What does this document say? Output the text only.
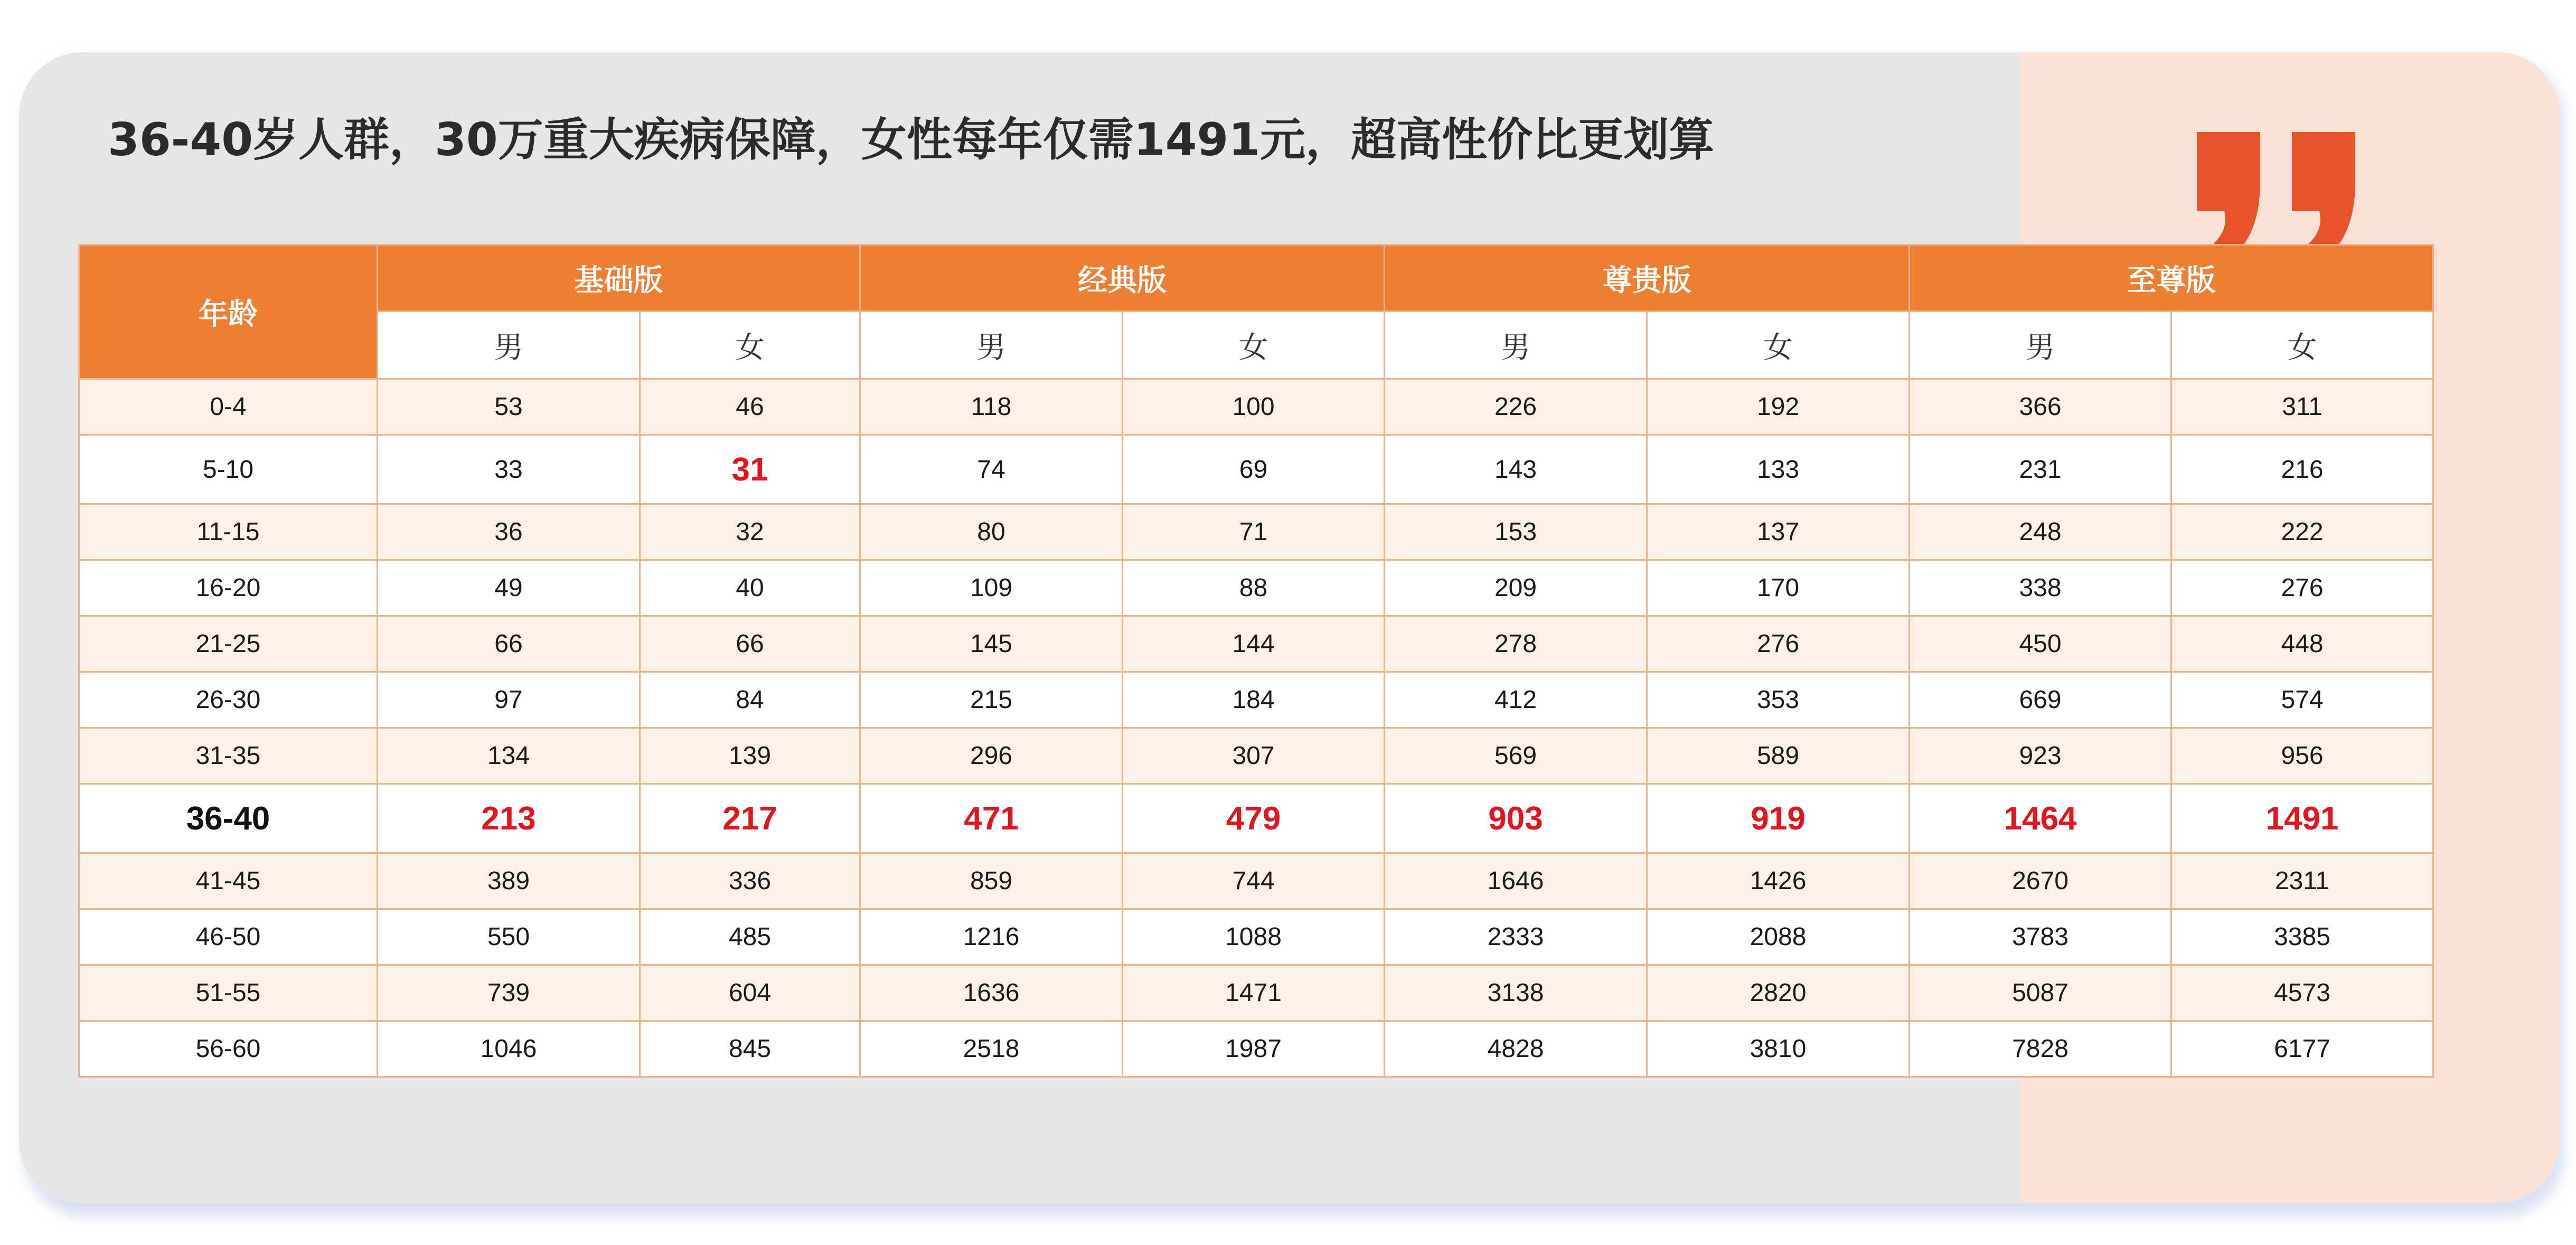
36-40岁人群，30万重大疾病保障，女性每年仅需1491元，超高性价比更划算
年龄	基础版		经典版		尊贵版		至尊版	
	男	女	男	女	男	女	男	女
0-4	53	46	118	100	226	192	366	311
5-10	33	31	74	69	143	133	231	216
11-15	36	32	80	71	153	137	248	222
16-20	49	40	109	88	209	170	338	276
21-25	66	66	145	144	278	276	450	448
26-30	97	84	215	184	412	353	669	574
31-35	134	139	296	307	569	589	923	956
36-40	213	217	471	479	903	919	1464	1491
41-45	389	336	859	744	1646	1426	2670	2311
46-50	550	485	1216	1088	2333	2088	3783	3385
51-55	739	604	1636	1471	3138	2820	5087	4573
56-60	1046	845	2518	1987	4828	3810	7828	6177
